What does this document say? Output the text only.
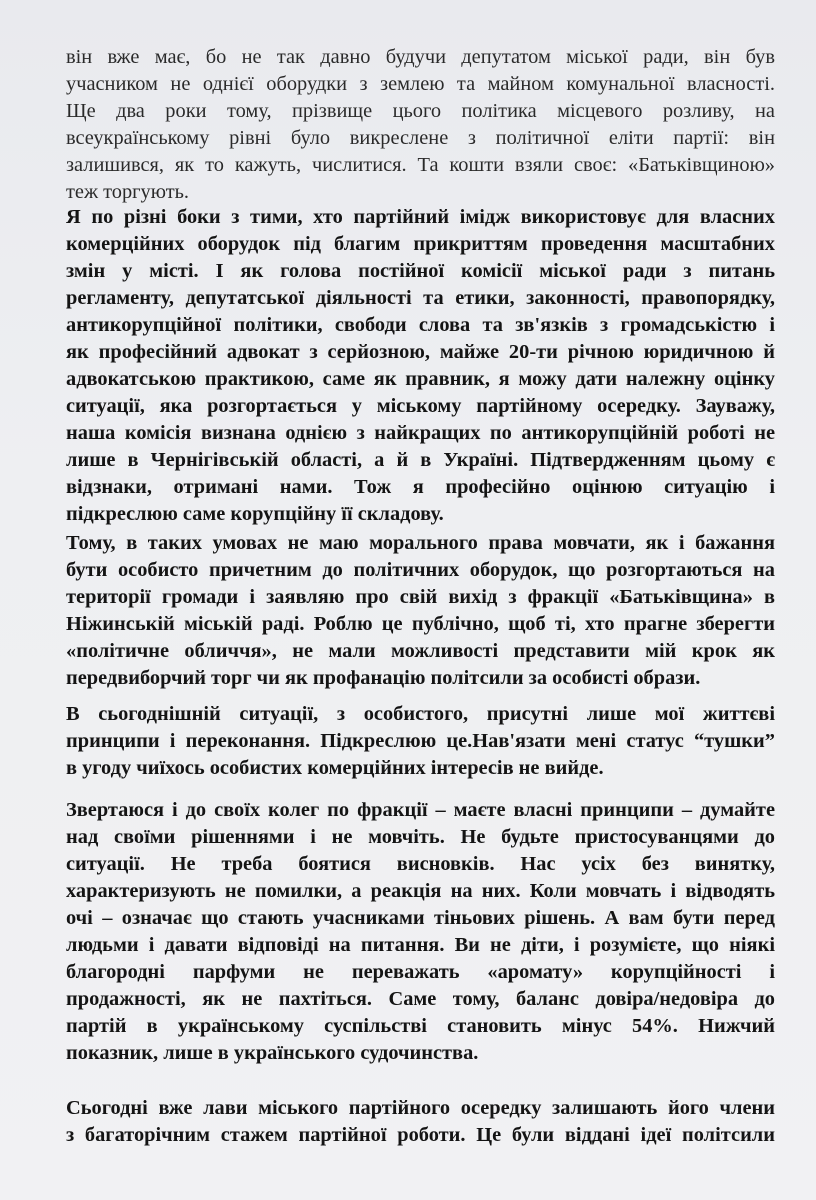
він вже має, бо не так давно будучи депутатом міської ради, він був
учасником не однієї оборудки з землею та майном комунальної власності.
Ще два роки тому, прізвище цього політика місцевого розливу, на
всеукраїнському рівні було викреслене з політичної еліти партії: він
залишився, як то кажуть, числитися. Та кошти взяли своє: «Батьківщиною»
теж торгують.
Я по різні боки з тими, хто партійний імідж використовує для власних
комерційних оборудок під благим прикриттям проведення масштабних
змін у місті. І як голова постійної комісії міської ради з питань
регламенту, депутатської діяльності та етики, законності, правопорядку,
антикорупційної політики, свободи слова та зв'язків з громадськістю і
як професійний адвокат з серйозною, майже 20-ти річною юридичною й
адвокатською практикою, саме як правник, я можу дати належну оцінку
ситуації, яка розгортається у міському партійному осередку. Зауважу,
наша комісія визнана однією з найкращих по антикорупційній роботі не
лише в Чернігівській області, а й в Україні. Підтвердженням цьому є
відзнаки, отримані нами. Тож я професійно оцінюю ситуацію і
підкреслюю саме корупційну її складову.
Тому, в таких умовах не маю морального права мовчати, як і бажання
бути особисто причетним до політичних оборудок, що розгортаються на
території громади і заявляю про свій вихід з фракції «Батьківщина» в
Ніжинській міській раді. Роблю це публічно, щоб ті, хто прагне зберегти
«політичне обличчя», не мали можливості представити мій крок як
передвиборчий торг чи як профанацію політсили за особисті образи.
В сьогоднішній ситуації, з особистого, присутні лише мої життєві
принципи і переконання. Підкреслюю це.Нав'язати мені статус “тушки”
в угоду чиїхось особистих комерційних інтересів не вийде.
Звертаюся і до своїх колег по фракції – маєте власні принципи – думайте
над своїми рішеннями і не мовчіть. Не будьте пристосуванцями до
ситуації. Не треба боятися висновків. Нас усіх без винятку,
характеризують не помилки, а реакція на них. Коли мовчать і відводять
очі – означає що стають учасниками тіньових рішень. А вам бути перед
людьми і давати відповіді на питання. Ви не діти, і розумієте, що ніякі
благородні парфуми не переважать «аромату» корупційності і
продажності, як не пахтіться. Саме тому, баланс довіра/недовіра до
партій в українському суспільстві становить мінус 54%. Нижчий
показник, лише в українського судочинства.
Сьогодні вже лави міського партійного осередку залишають його члени
з багаторічним стажем партійної роботи. Це були віддані ідеї політсили
